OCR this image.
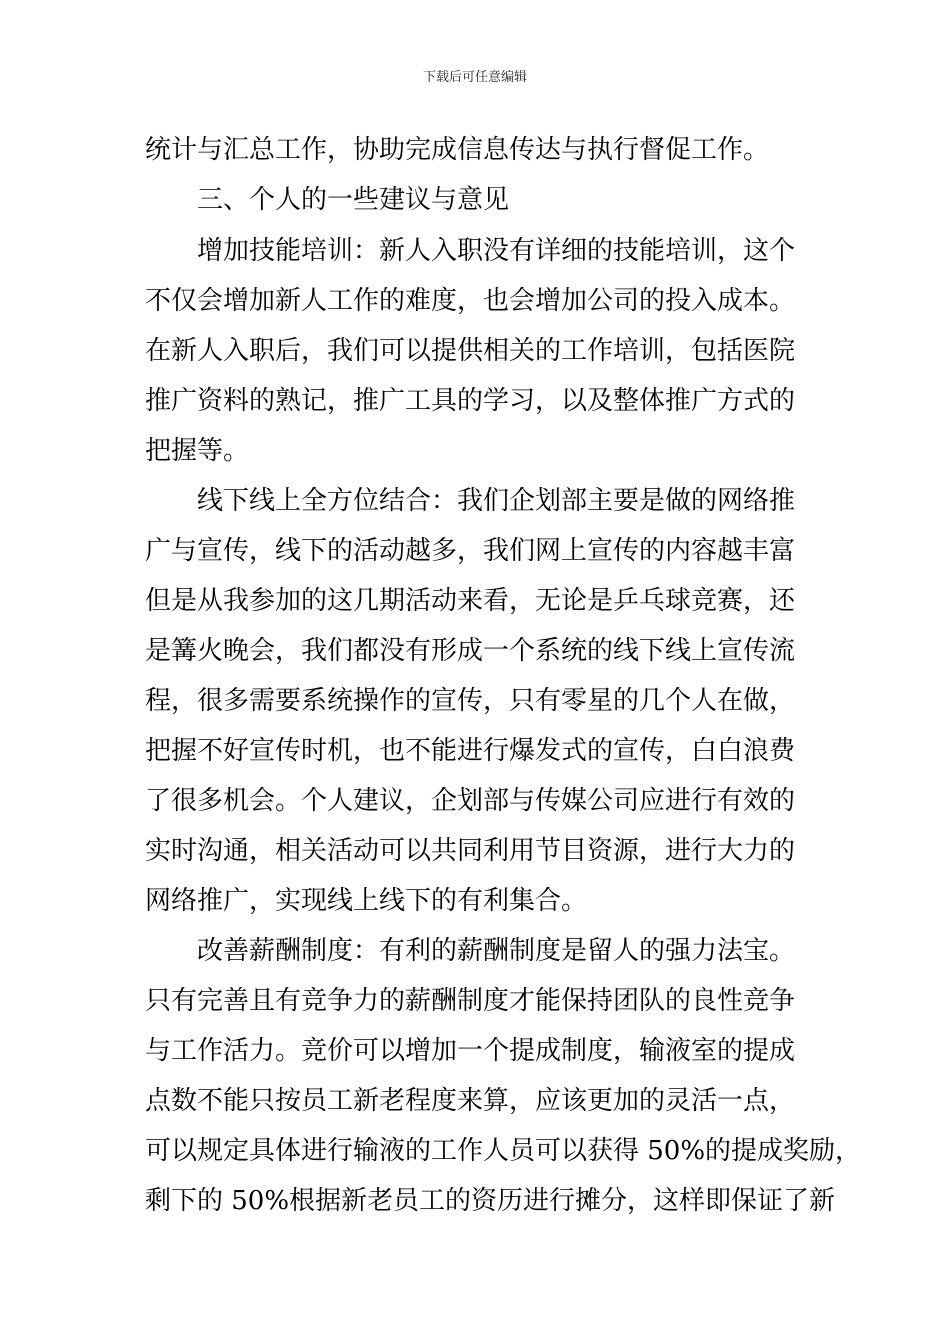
下载后可任意编辑
统计与汇总工作，协助完成信息传达与执行督促工作。
三、个人的一些建议与意见
增加技能培训：新人入职没有详细的技能培训，这个
不仅会增加新人工作的难度，也会增加公司的投入成本。
在新人入职后，我们可以提供相关的工作培训，包括医院
推广资料的熟记，推广工具的学习，以及整体推广方式的
把握等。
线下线上全方位结合：我们企划部主要是做的网络推
广与宣传，线下的活动越多，我们网上宣传的内容越丰富
但是从我参加的这几期活动来看，无论是乒乓球竞赛，还
是篝火晚会，我们都没有形成一个系统的线下线上宣传流
程，很多需要系统操作的宣传，只有零星的几个人在做，
把握不好宣传时机，也不能进行爆发式的宣传，白白浪费
了很多机会。个人建议，企划部与传媒公司应进行有效的
实时沟通，相关活动可以共同利用节目资源，进行大力的
网络推广，实现线上线下的有利集合。
改善薪酬制度：有利的薪酬制度是留人的强力法宝。
只有完善且有竞争力的薪酬制度才能保持团队的良性竞争
与工作活力。竞价可以增加一个提成制度，输液室的提成
点数不能只按员工新老程度来算，应该更加的灵活一点，
可以规定具体进行输液的工作人员可以获得 50%的提成奖励，
剩下的 50%根据新老员工的资历进行摊分，这样即保证了新
